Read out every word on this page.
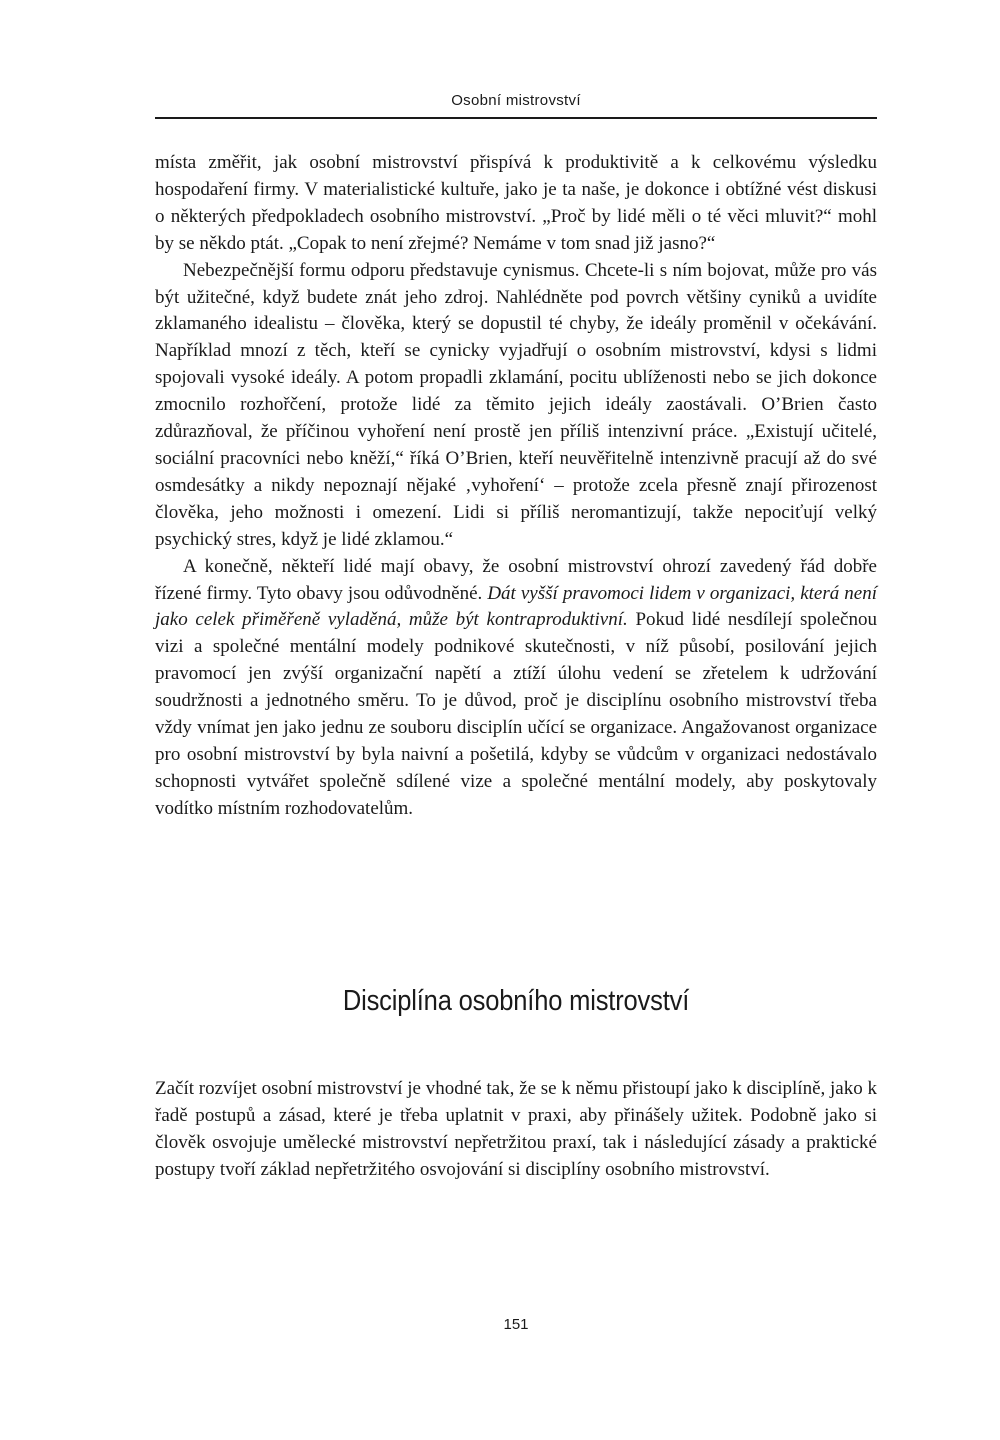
Osobní mistrovství

místa změřit, jak osobní mistrovství přispívá k produktivitě a k celkovému výsledku hospodaření firmy. V materialistické kultuře, jako je ta naše, je dokonce i obtížné vést diskusi o některých předpokladech osobního mistrovství. „Proč by lidé měli o té věci mluvit?“ mohl by se někdo ptát. „Copak to není zřejmé? Nemáme v tom snad již jasno?“

Nebezpečnější formu odporu představuje cynismus. Chcete-li s ním bojovat, může pro vás být užitečné, když budete znát jeho zdroj. Nahlédněte pod povrch většiny cyniků a uvidíte zklamaného idealistu – člověka, který se dopustil té chyby, že ideály proměnil v očekávání. Například mnozí z těch, kteří se cynicky vyjadřují o osobním mistrovství, kdysi s lidmi spojovali vysoké ideály. A potom propadli zklamání, pocitu ublíženosti nebo se jich dokonce zmocnilo rozhořčení, protože lidé za těmito jejich ideály zaostávali. O’Brien často zdůrazňoval, že příčinou vyhoření není prostě jen příliš intenzivní práce. „Existují učitelé, sociální pracovníci nebo kněží,“ říká O’Brien, kteří neuvěřitelně intenzivně pracují až do své osmdesátky a nikdy nepoznají nějaké ‚vyhoření‘ – protože zcela přesně znají přirozenost člověka, jeho možnosti i omezení. Lidi si příliš neromantizují, takže nepociťují velký psychický stres, když je lidé zklamou.“

A konečně, někteří lidé mají obavy, že osobní mistrovství ohrozí zavedený řád dobře řízené firmy. Tyto obavy jsou odůvodněné. Dát vyšší pravomoci lidem v organizaci, která není jako celek přiměřeně vyladěná, může být kontraproduktivní. Pokud lidé nesdílejí společnou vizi a společné mentální modely podnikové skutečnosti, v níž působí, posilování jejich pravomocí jen zvýší organizační napětí a ztíží úlohu vedení se zřetelem k udržování soudržnosti a jednotného směru. To je důvod, proč je disciplínu osobního mistrovství třeba vždy vnímat jen jako jednu ze souboru disciplín učící se organizace. Angažovanost organizace pro osobní mistrovství by byla naivní a pošetilá, kdyby se vůdcům v organizaci nedostávalo schopnosti vytvářet společně sdílené vize a společné mentální modely, aby poskytovaly vodítko místním rozhodovatelům.

Disciplína osobního mistrovství

Začít rozvíjet osobní mistrovství je vhodné tak, že se k němu přistoupí jako k disciplíně, jako k řadě postupů a zásad, které je třeba uplatnit v praxi, aby přinášely užitek. Podobně jako si člověk osvojuje umělecké mistrovství nepřetržitou praxí, tak i následující zásady a praktické postupy tvoří základ nepřetržitého osvojování si disciplíny osobního mistrovství.

151
